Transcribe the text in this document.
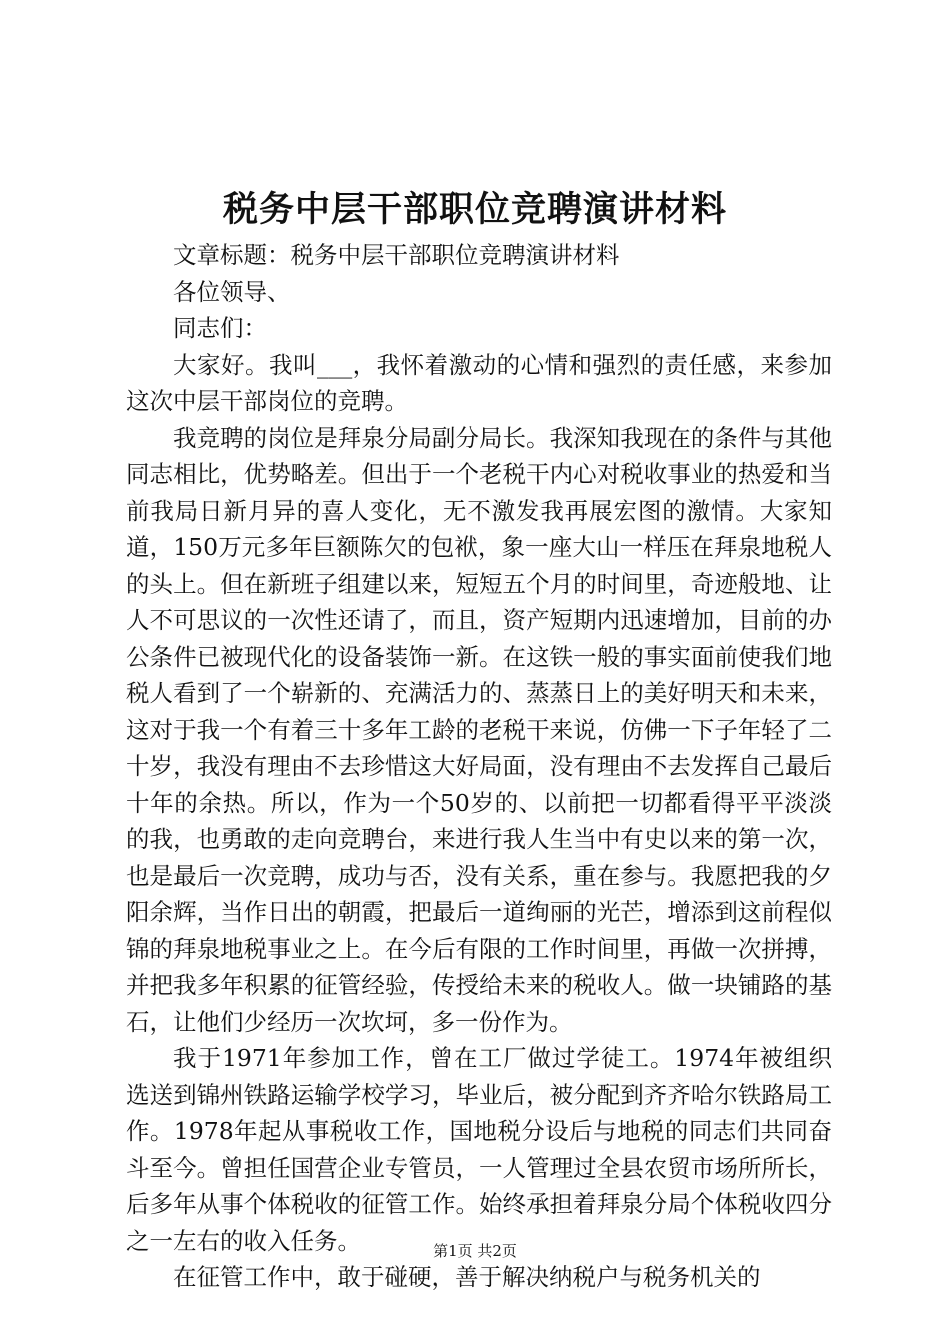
税务中层干部职位竞聘演讲材料

文章标题：税务中层干部职位竞聘演讲材料

各位领导、

同志们：

大家好。我叫___，我怀着激动的心情和强烈的责任感，来参加这次中层干部岗位的竞聘。

我竞聘的岗位是拜泉分局副分局长。我深知我现在的条件与其他同志相比，优势略差。但出于一个老税干内心对税收事业的热爱和当前我局日新月异的喜人变化，无不激发我再展宏图的激情。大家知道，150万元多年巨额陈欠的包袱，象一座大山一样压在拜泉地税人的头上。但在新班子组建以来，短短五个月的时间里，奇迹般地、让人不可思议的一次性还请了，而且，资产短期内迅速增加，目前的办公条件已被现代化的设备装饰一新。在这铁一般的事实面前使我们地税人看到了一个崭新的、充满活力的、蒸蒸日上的美好明天和未来，这对于我一个有着三十多年工龄的老税干来说，仿佛一下子年轻了二十岁，我没有理由不去珍惜这大好局面，没有理由不去发挥自己最后十年的余热。所以，作为一个50岁的、以前把一切都看得平平淡淡的我，也勇敢的走向竞聘台，来进行我人生当中有史以来的第一次，也是最后一次竞聘，成功与否，没有关系，重在参与。我愿把我的夕阳余辉，当作日出的朝霞，把最后一道绚丽的光芒，增添到这前程似锦的拜泉地税事业之上。在今后有限的工作时间里，再做一次拼搏，并把我多年积累的征管经验，传授给未来的税收人。做一块铺路的基石，让他们少经历一次坎坷，多一份作为。

我于1971年参加工作，曾在工厂做过学徒工。1974年被组织选送到锦州铁路运输学校学习，毕业后，被分配到齐齐哈尔铁路局工作。1978年起从事税收工作，国地税分设后与地税的同志们共同奋斗至今。曾担任国营企业专管员，一人管理过全县农贸市场所所长，后多年从事个体税收的征管工作。始终承担着拜泉分局个体税收四分之一左右的收入任务。

在征管工作中，敢于碰硬，善于解决纳税户与税务机关的

第1页 共2页
